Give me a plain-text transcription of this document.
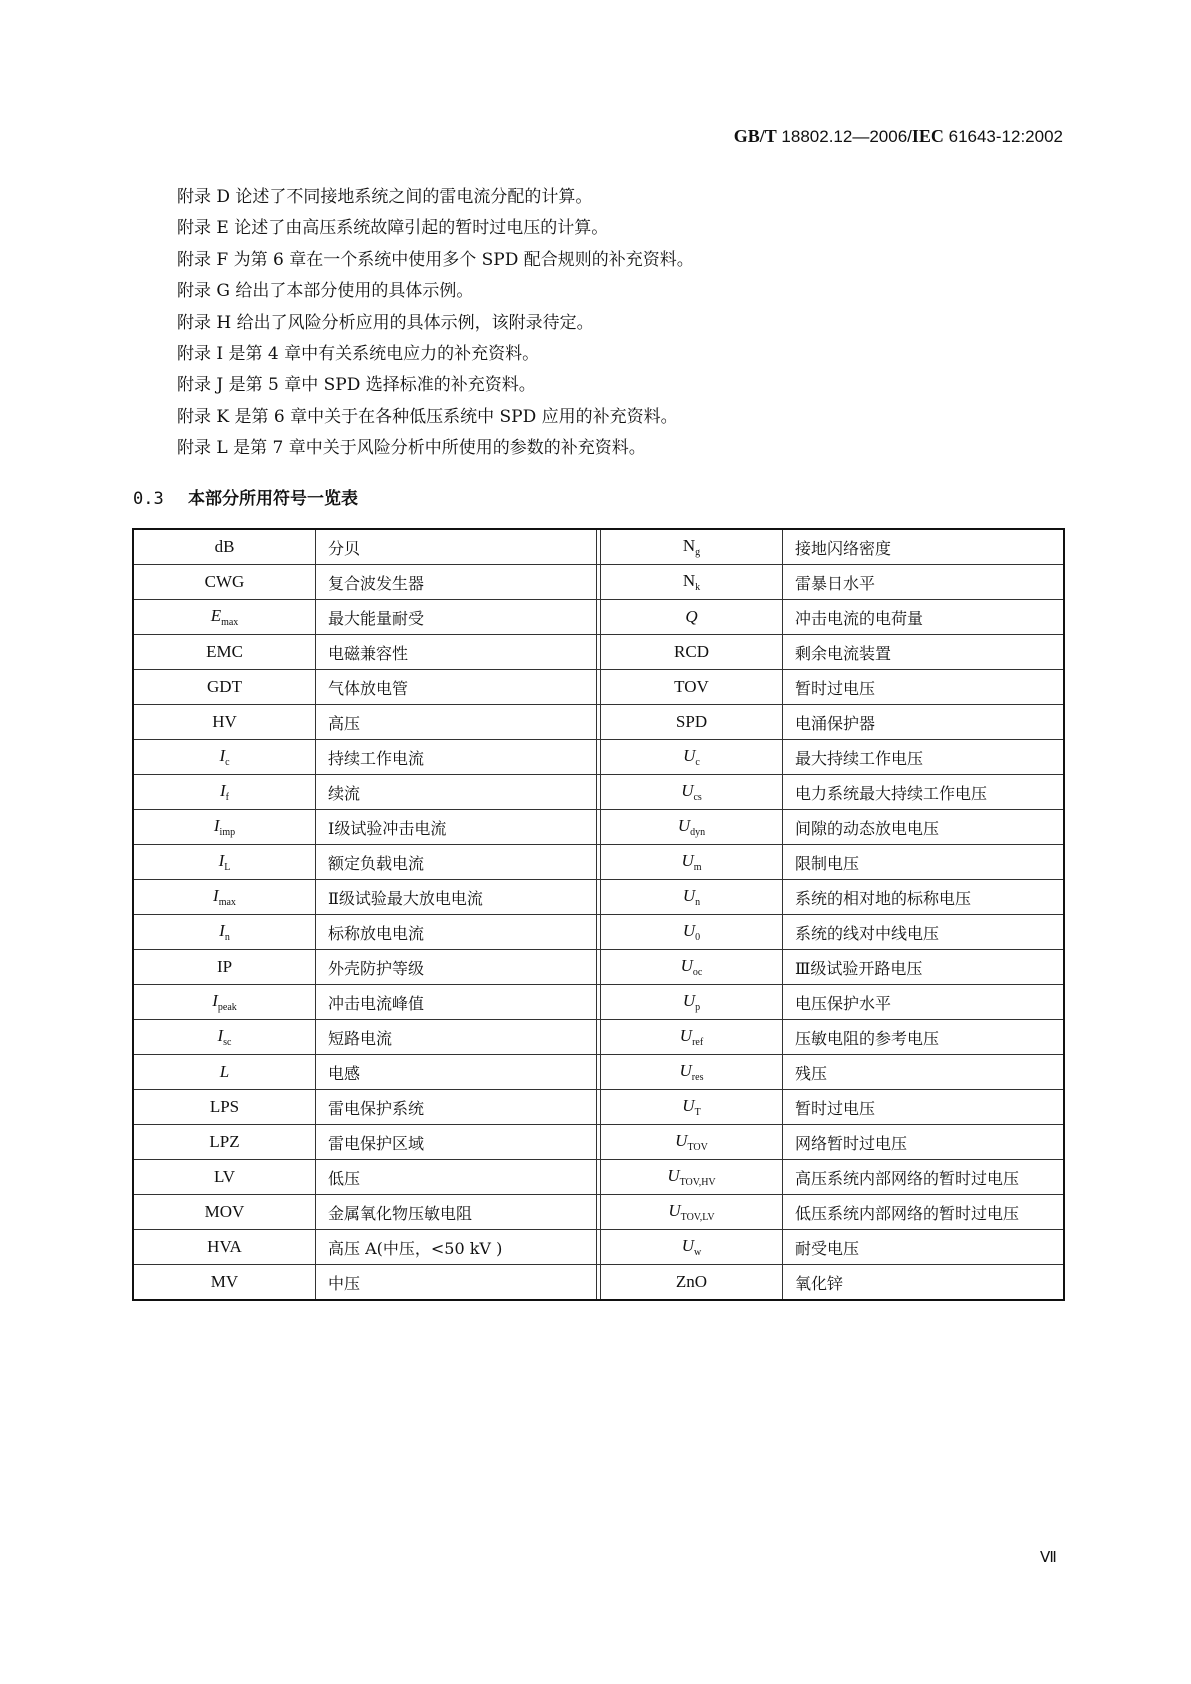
GB/T 18802.12—2006/IEC 61643-12:2002
附录 D 论述了不同接地系统之间的雷电流分配的计算。
附录 E 论述了由高压系统故障引起的暂时过电压的计算。
附录 F 为第 6 章在一个系统中使用多个 SPD 配合规则的补充资料。
附录 G 给出了本部分使用的具体示例。
附录 H 给出了风险分析应用的具体示例，该附录待定。
附录 I 是第 4 章中有关系统电应力的补充资料。
附录 J 是第 5 章中 SPD 选择标准的补充资料。
附录 K 是第 6 章中关于在各种低压系统中 SPD 应用的补充资料。
附录 L 是第 7 章中关于风险分析中所使用的参数的补充资料。
0.3 本部分所用符号一览表
dB	分贝		$N_g$	接地闪络密度
CWG	复合波发生器		$N_k$	雷暴日水平
$E_{max}$	最大能量耐受		Q	冲击电流的电荷量
EMC	电磁兼容性		RCD	剩余电流装置
GDT	气体放电管		TOV	暂时过电压
HV	高压		SPD	电涌保护器
$I_c$	持续工作电流		$U_c$	最大持续工作电压
$I_f$	续流		$U_{cs}$	电力系统最大持续工作电压
$I_{imp}$	Ⅰ级试验冲击电流		$U_{dyn}$	间隙的动态放电电压
$I_L$	额定负载电流		$U_m$	限制电压
$I_{max}$	Ⅱ级试验最大放电电流		$U_n$	系统的相对地的标称电压
$I_n$	标称放电电流		$U_0$	系统的线对中线电压
IP	外壳防护等级		$U_{oc}$	Ⅲ级试验开路电压
$I_{peak}$	冲击电流峰值		$U_p$	电压保护水平
$I_{sc}$	短路电流		$U_{ref}$	压敏电阻的参考电压
L	电感		$U_{res}$	残压
LPS	雷电保护系统		$U_T$	暂时过电压
LPZ	雷电保护区域		$U_{TOV}$	网络暂时过电压
LV	低压		$U_{TOV,HV}$	高压系统内部网络的暂时过电压
MOV	金属氧化物压敏电阻		$U_{TOV,LV}$	低压系统内部网络的暂时过电压
HVA	高压 A(中压，<50 kV )		$U_w$	耐受电压
MV	中压		ZnO	氧化锌
Ⅶ
